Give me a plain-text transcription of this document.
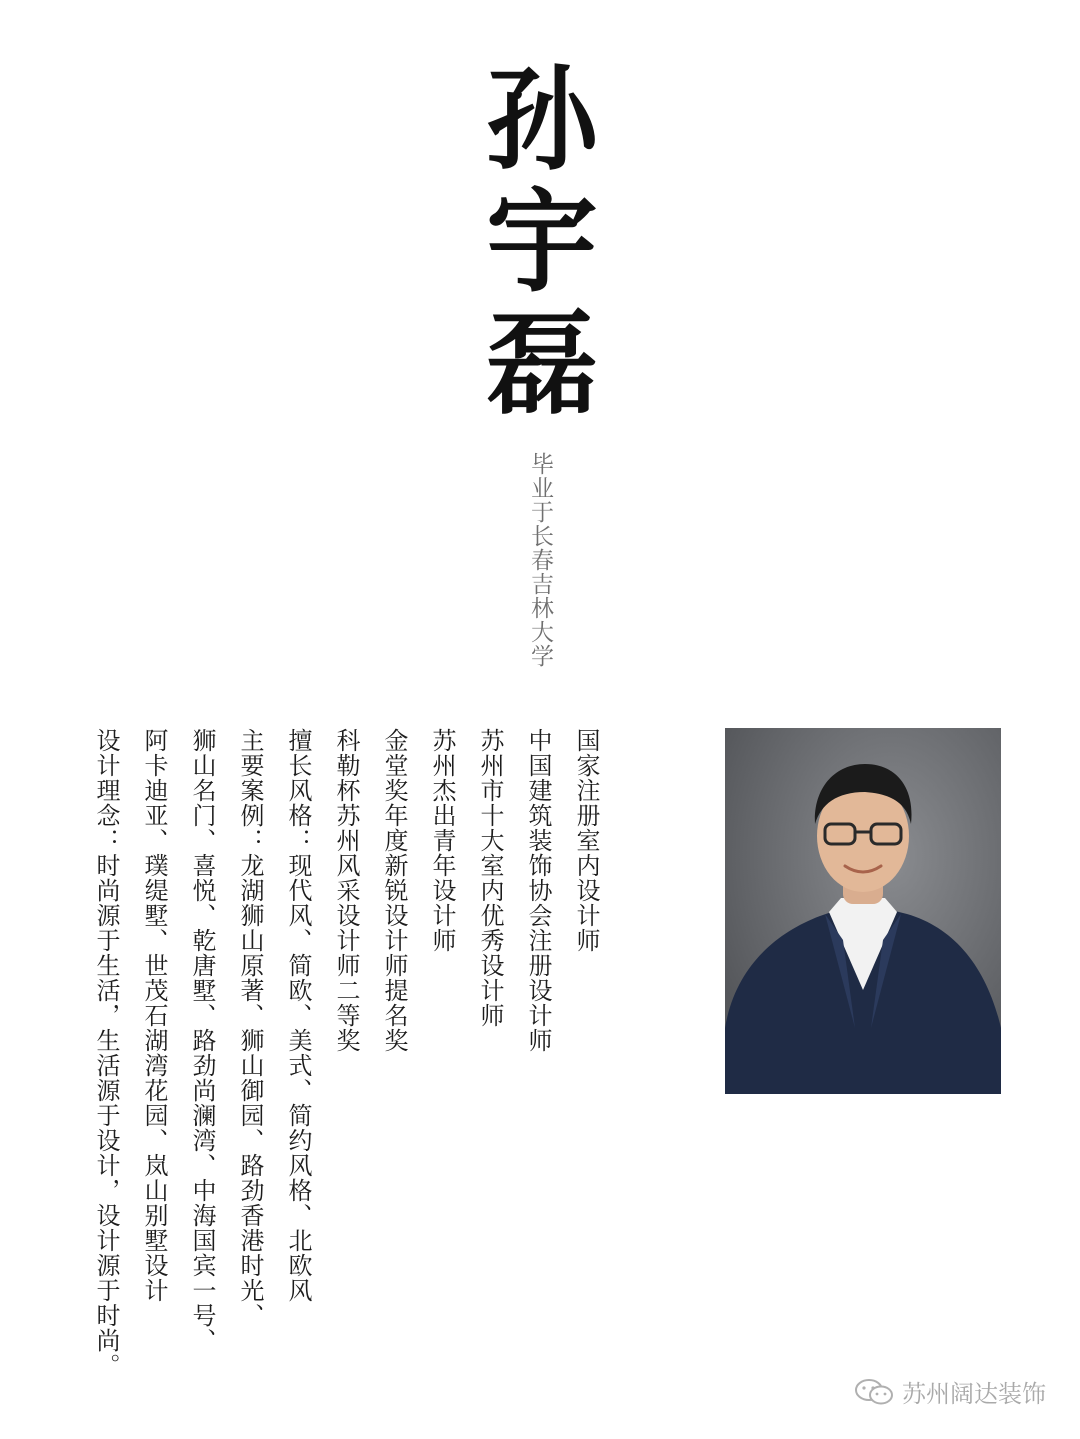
孙
宇
磊
毕业于长春吉林大学
国家注册室内设计师
中国建筑装饰协会注册设计师
苏州市十大室内优秀设计师
苏州杰出青年设计师
金堂奖年度新锐设计师提名奖
科勒杯苏州风采设计师二等奖
擅长风格：现代风、简欧、美式、简约风格、北欧风
主要案例：龙湖狮山原著、狮山御园、路劲香港时光、
狮山名门、喜悦、乾唐墅、路劲尚澜湾、中海国宾一号、
阿卡迪亚、璞缇墅、世茂石湖湾花园、岚山别墅设计
设计理念：时尚源于生活，生活源于设计，设计源于时尚。
苏州阔达装饰
